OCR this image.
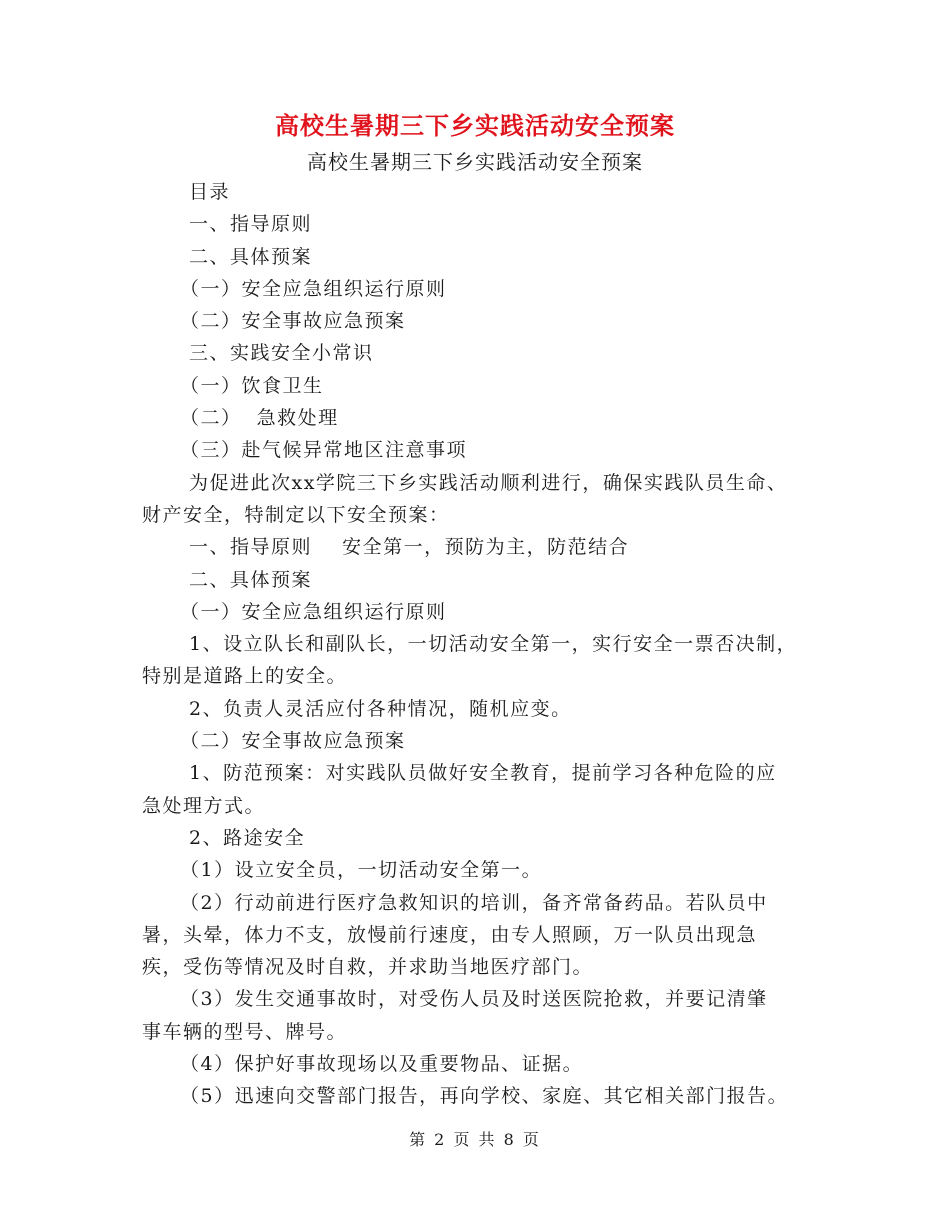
高校生暑期三下乡实践活动安全预案
高校生暑期三下乡实践活动安全预案
目录
一、指导原则
二、具体预案
（一）安全应急组织运行原则
（二）安全事故应急预案
三、实践安全小常识
（一）饮食卫生
（二）  急救处理
（三）赴气候异常地区注意事项
为促进此次xx学院三下乡实践活动顺利进行，确保实践队员生命、
财产安全，特制定以下安全预案：
一、指导原则    安全第一，预防为主，防范结合
二、具体预案
（一）安全应急组织运行原则
1、设立队长和副队长，一切活动安全第一，实行安全一票否决制，
特别是道路上的安全。
2、负责人灵活应付各种情况，随机应变。
（二）安全事故应急预案
1、防范预案：对实践队员做好安全教育，提前学习各种危险的应
急处理方式。
2、路途安全
（1）设立安全员，一切活动安全第一。
（2）行动前进行医疗急救知识的培训，备齐常备药品。若队员中
暑，头晕，体力不支，放慢前行速度，由专人照顾，万一队员出现急
疾，受伤等情况及时自救，并求助当地医疗部门。
（3）发生交通事故时，对受伤人员及时送医院抢救，并要记清肇
事车辆的型号、牌号。
（4）保护好事故现场以及重要物品、证据。
（5）迅速向交警部门报告，再向学校、家庭、其它相关部门报告。
第 2 页 共 8 页
